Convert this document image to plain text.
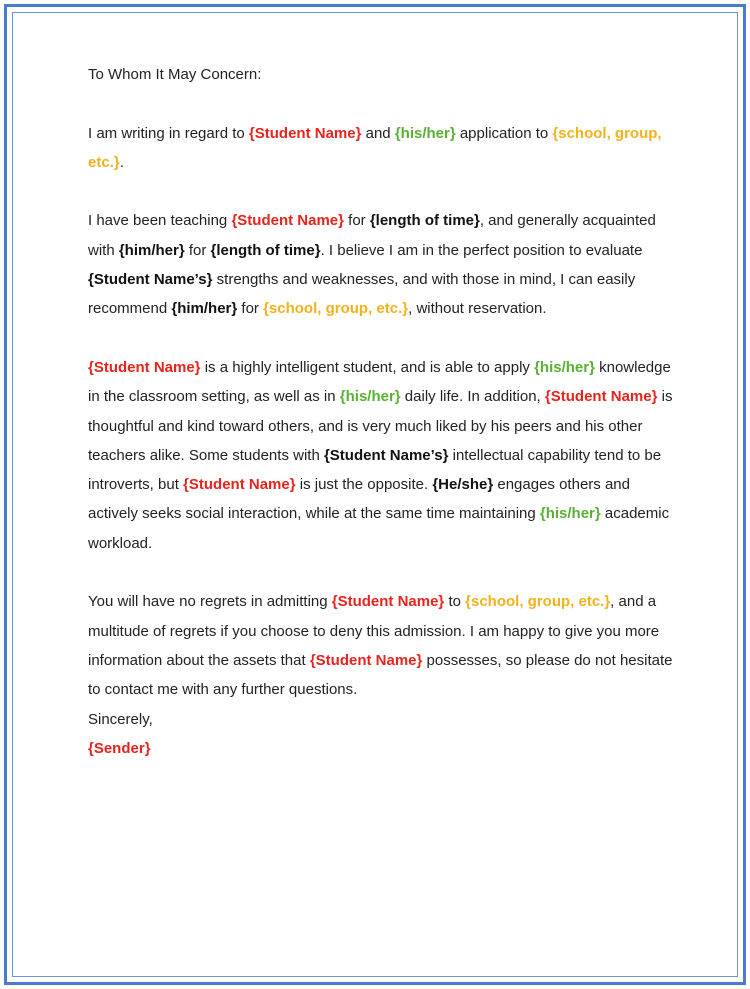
To Whom It May Concern:

I am writing in regard to {Student Name} and {his/her} application to {school, group, etc.}.

I have been teaching {Student Name} for {length of time}, and generally acquainted with {him/her} for {length of time}. I believe I am in the perfect position to evaluate {Student Name’s} strengths and weaknesses, and with those in mind, I can easily recommend {him/her} for {school, group, etc.}, without reservation.

{Student Name} is a highly intelligent student, and is able to apply {his/her} knowledge in the classroom setting, as well as in {his/her} daily life. In addition, {Student Name} is thoughtful and kind toward others, and is very much liked by his peers and his other teachers alike. Some students with {Student Name’s} intellectual capability tend to be introverts, but {Student Name} is just the opposite. {He/she} engages others and actively seeks social interaction, while at the same time maintaining {his/her} academic workload.

You will have no regrets in admitting {Student Name} to {school, group, etc.}, and a multitude of regrets if you choose to deny this admission. I am happy to give you more information about the assets that {Student Name} possesses, so please do not hesitate to contact me with any further questions.

Sincerely,

{Sender}
